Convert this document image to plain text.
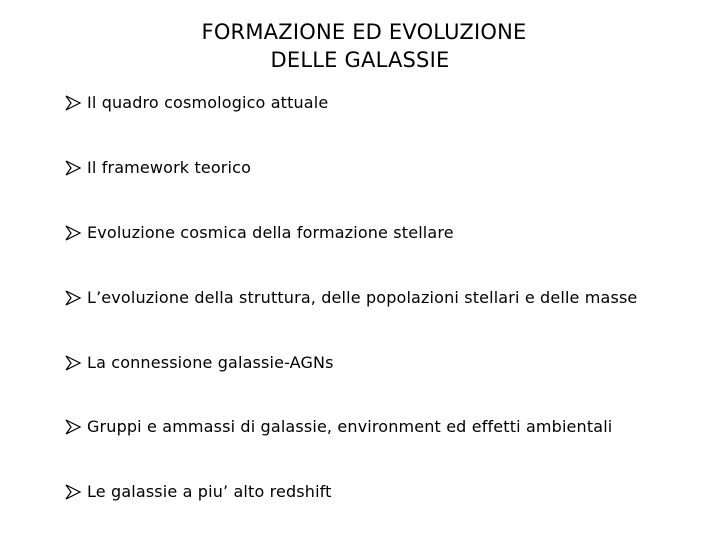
FORMAZIONE ED EVOLUZIONE
DELLE GALASSIE
Il quadro cosmologico attuale
Il framework teorico
Evoluzione cosmica della formazione stellare
L’evoluzione della struttura, delle popolazioni stellari e delle masse
La connessione galassie-AGNs
Gruppi e ammassi di galassie, environment ed effetti ambientali
Le galassie a piu’ alto redshift
